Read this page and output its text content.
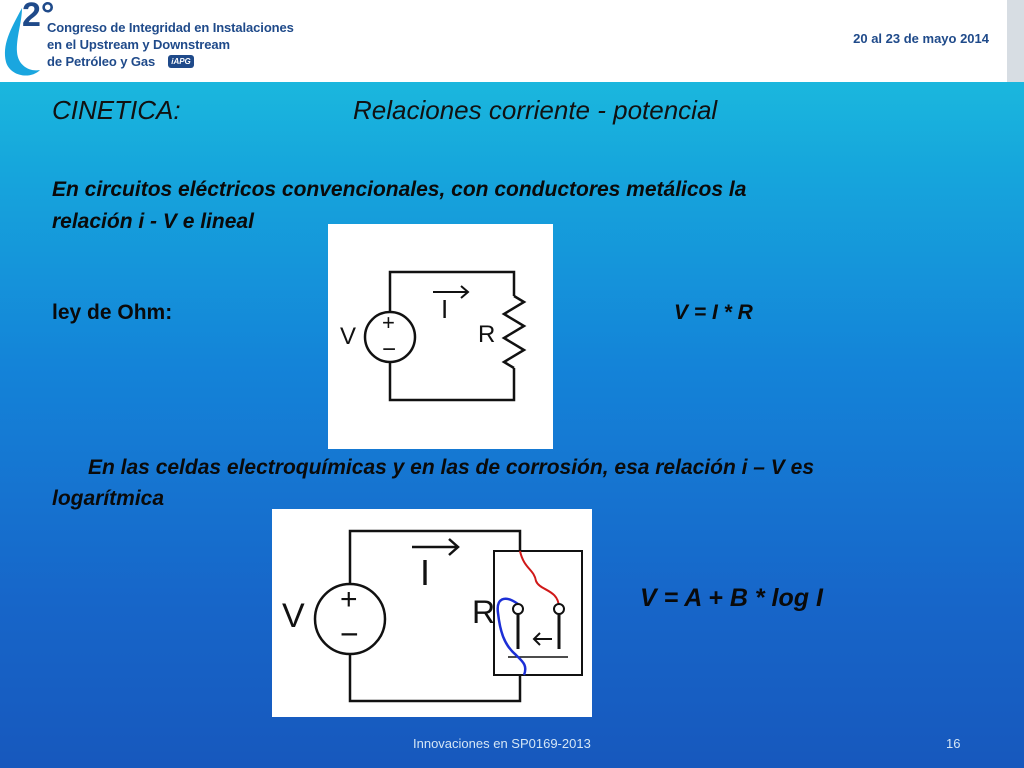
2°
Congreso de Integridad en Instalaciones
en el Upstream y Downstream
de Petróleo y Gas	iAPG
20 al 23 de mayo 2014
CINETICA:	Relaciones corriente - potencial
En circuitos eléctricos convencionales, con conductores metálicos la
relación i - V e lineal
ley de Ohm:	V = I * R
+
−
V
I
R
En las celdas electroquímicas y en las de corrosión, esa relación i – V es
logarítmica
+
−
V
I
R	V = A + B * log I
Innovaciones en SP0169-2013	16
